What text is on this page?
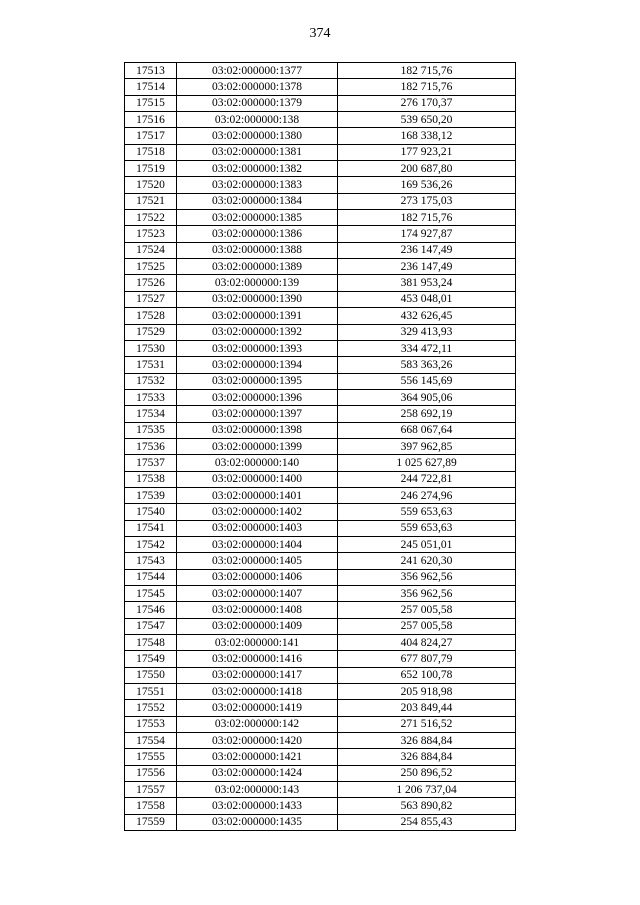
374
17513	03:02:000000:1377	182 715,76
17514	03:02:000000:1378	182 715,76
17515	03:02:000000:1379	276 170,37
17516	03:02:000000:138	539 650,20
17517	03:02:000000:1380	168 338,12
17518	03:02:000000:1381	177 923,21
17519	03:02:000000:1382	200 687,80
17520	03:02:000000:1383	169 536,26
17521	03:02:000000:1384	273 175,03
17522	03:02:000000:1385	182 715,76
17523	03:02:000000:1386	174 927,87
17524	03:02:000000:1388	236 147,49
17525	03:02:000000:1389	236 147,49
17526	03:02:000000:139	381 953,24
17527	03:02:000000:1390	453 048,01
17528	03:02:000000:1391	432 626,45
17529	03:02:000000:1392	329 413,93
17530	03:02:000000:1393	334 472,11
17531	03:02:000000:1394	583 363,26
17532	03:02:000000:1395	556 145,69
17533	03:02:000000:1396	364 905,06
17534	03:02:000000:1397	258 692,19
17535	03:02:000000:1398	668 067,64
17536	03:02:000000:1399	397 962,85
17537	03:02:000000:140	1 025 627,89
17538	03:02:000000:1400	244 722,81
17539	03:02:000000:1401	246 274,96
17540	03:02:000000:1402	559 653,63
17541	03:02:000000:1403	559 653,63
17542	03:02:000000:1404	245 051,01
17543	03:02:000000:1405	241 620,30
17544	03:02:000000:1406	356 962,56
17545	03:02:000000:1407	356 962,56
17546	03:02:000000:1408	257 005,58
17547	03:02:000000:1409	257 005,58
17548	03:02:000000:141	404 824,27
17549	03:02:000000:1416	677 807,79
17550	03:02:000000:1417	652 100,78
17551	03:02:000000:1418	205 918,98
17552	03:02:000000:1419	203 849,44
17553	03:02:000000:142	271 516,52
17554	03:02:000000:1420	326 884,84
17555	03:02:000000:1421	326 884,84
17556	03:02:000000:1424	250 896,52
17557	03:02:000000:143	1 206 737,04
17558	03:02:000000:1433	563 890,82
17559	03:02:000000:1435	254 855,43
